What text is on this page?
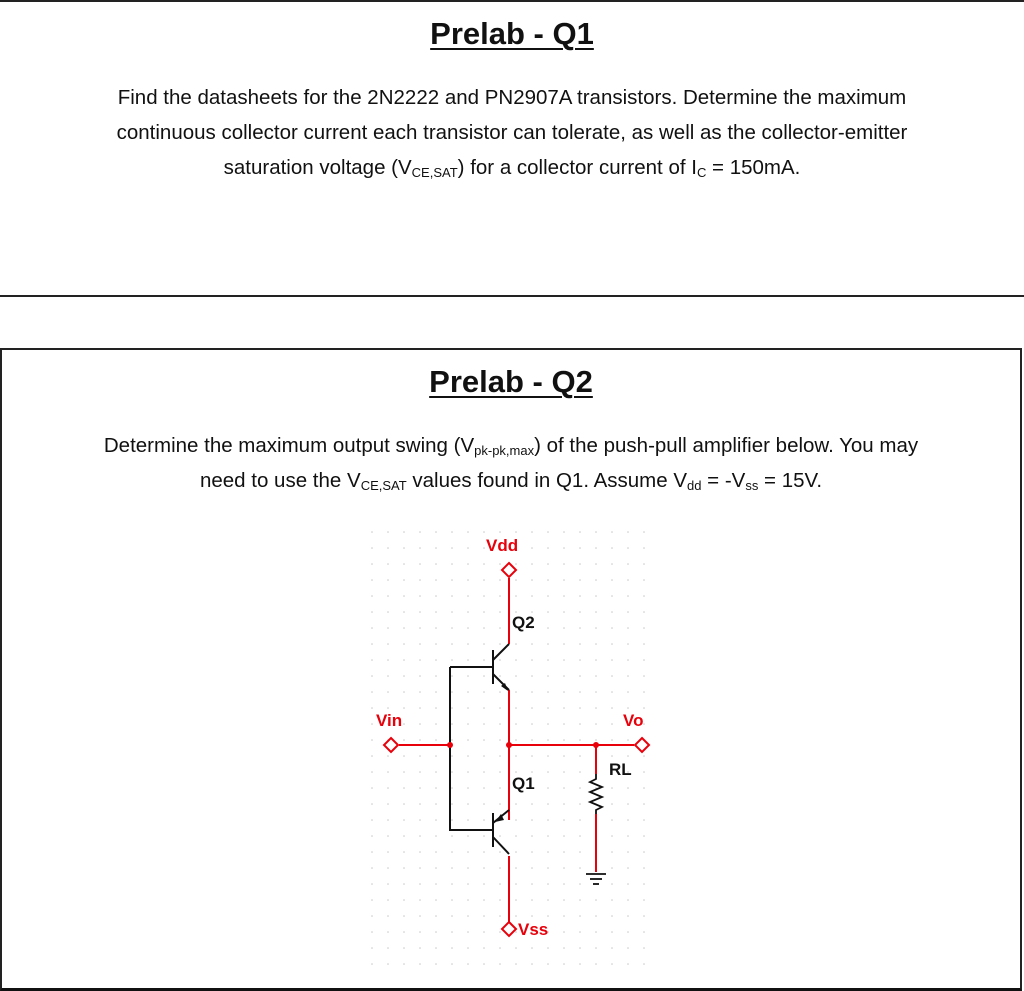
Prelab - Q1
Find the datasheets for the 2N2222 and PN2907A transistors. Determine the maximum
continuous collector current each transistor can tolerate, as well as the collector-emitter
saturation voltage $(V_{CE,SAT})$ for a collector current of $I_C = 150mA$.
Prelab - Q2
Determine the maximum output swing $(V_{pk-pk,max})$ of the push-pull amplifier below. You may
need to use the $V_{CE,SAT}$ values found in Q1. Assume $V_{dd} = -V_{ss} = 15V$.
Vdd
Vin	Vo
Vss
Q2
Q1
RL
